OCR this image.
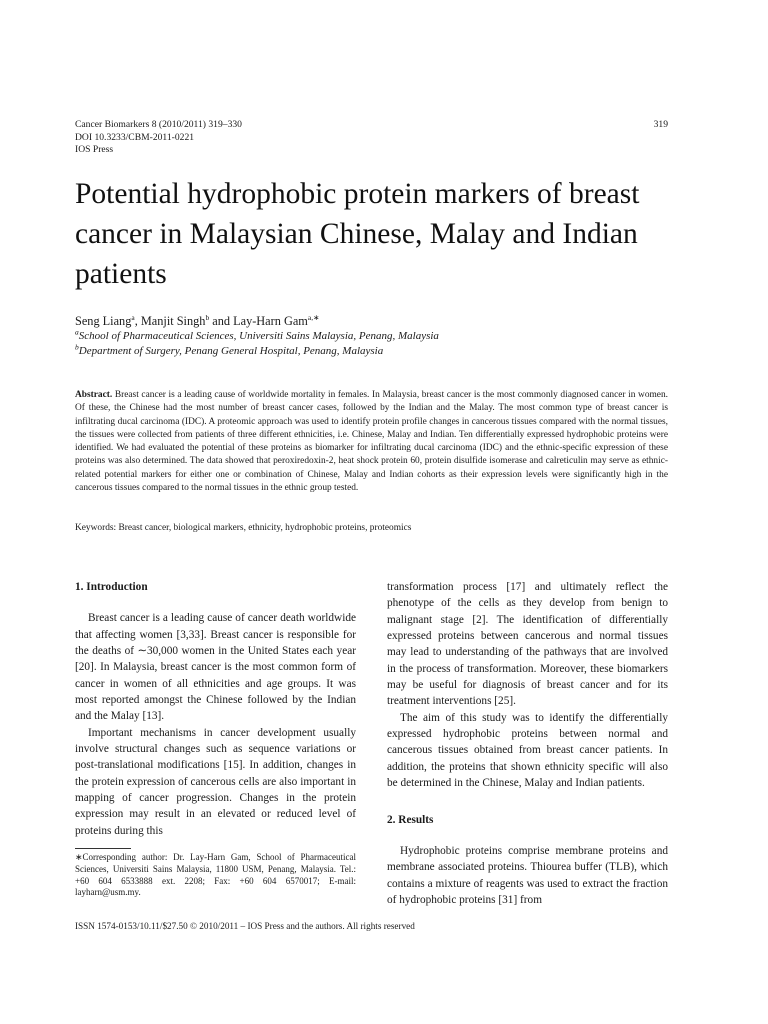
Cancer Biomarkers 8 (2010/2011) 319–330
DOI 10.3233/CBM-2011-0221
IOS Press
319
Potential hydrophobic protein markers of breast cancer in Malaysian Chinese, Malay and Indian patients
Seng Liang$^a$, Manjit Singh$^b$ and Lay-Harn Gam$^{a,∗}$
$^a$School of Pharmaceutical Sciences, Universiti Sains Malaysia, Penang, Malaysia
$^b$Department of Surgery, Penang General Hospital, Penang, Malaysia
Abstract. Breast cancer is a leading cause of worldwide mortality in females. In Malaysia, breast cancer is the most commonly diagnosed cancer in women. Of these, the Chinese had the most number of breast cancer cases, followed by the Indian and the Malay. The most common type of breast cancer is infiltrating ducal carcinoma (IDC). A proteomic approach was used to identify protein profile changes in cancerous tissues compared with the normal tissues, the tissues were collected from patients of three different ethnicities, i.e. Chinese, Malay and Indian. Ten differentially expressed hydrophobic proteins were identified. We had evaluated the potential of these proteins as biomarker for infiltrating ducal carcinoma (IDC) and the ethnic-specific expression of these proteins was also determined. The data showed that peroxiredoxin-2, heat shock protein 60, protein disulfide isomerase and calreticulin may serve as ethnic-related potential markers for either one or combination of Chinese, Malay and Indian cohorts as their expression levels were significantly high in the cancerous tissues compared to the normal tissues in the ethnic group tested.
Keywords: Breast cancer, biological markers, ethnicity, hydrophobic proteins, proteomics
1. Introduction

Breast cancer is a leading cause of cancer death worldwide that affecting women [3,33]. Breast cancer is responsible for the deaths of ∼30,000 women in the United States each year [20]. In Malaysia, breast cancer is the most common form of cancer in women of all ethnicities and age groups. It was most reported amongst the Chinese followed by the Indian and the Malay [13].

Important mechanisms in cancer development usually involve structural changes such as sequence variations or post-translational modifications [15]. In addition, changes in the protein expression of cancerous cells are also important in mapping of cancer progression. Changes in the protein expression may result in an elevated or reduced level of proteins during this

transformation process [17] and ultimately reflect the phenotype of the cells as they develop from benign to malignant stage [2]. The identification of differentially expressed proteins between cancerous and normal tissues may lead to understanding of the pathways that are involved in the process of transformation. Moreover, these biomarkers may be useful for diagnosis of breast cancer and for its treatment interventions [25].

The aim of this study was to identify the differentially expressed hydrophobic proteins between normal and cancerous tissues obtained from breast cancer patients. In addition, the proteins that shown ethnicity specific will also be determined in the Chinese, Malay and Indian patients.

2. Results

Hydrophobic proteins comprise membrane proteins and membrane associated proteins. Thiourea buffer (TLB), which contains a mixture of reagents was used to extract the fraction of hydrophobic proteins [31] from

∗Corresponding author: Dr. Lay-Harn Gam, School of Pharmaceutical Sciences, Universiti Sains Malaysia, 11800 USM, Penang, Malaysia. Tel.: +60 604 6533888 ext. 2208; Fax: +60 604 6570017; E-mail: layharn@usm.my.
ISSN 1574-0153/10.11/$27.50 © 2010/2011 – IOS Press and the authors. All rights reserved
